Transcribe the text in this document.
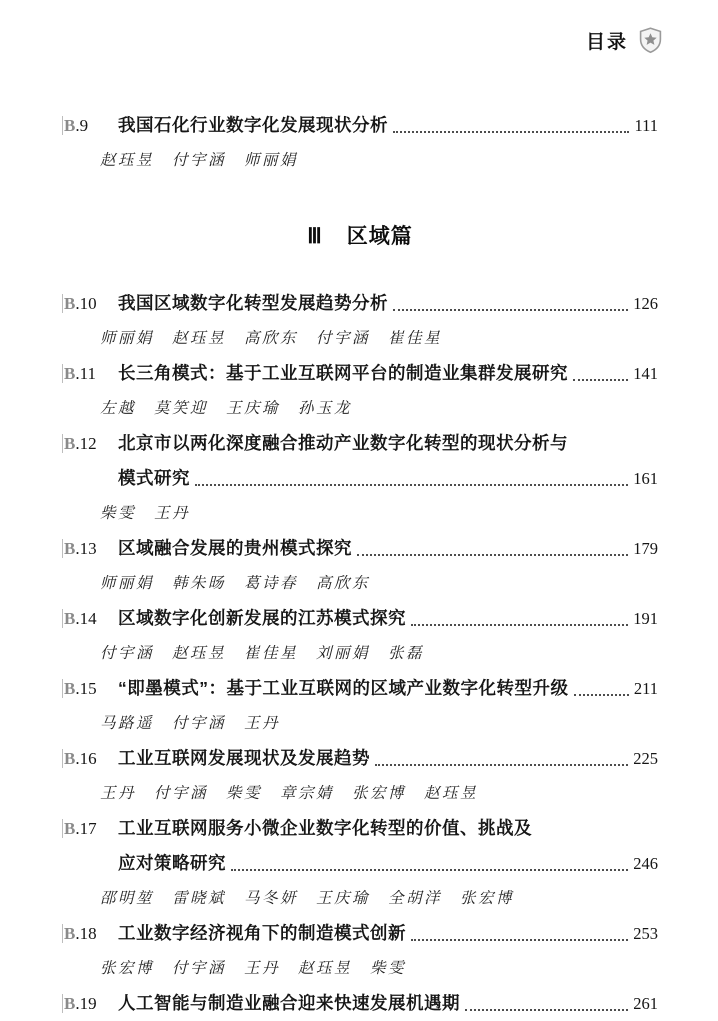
目录
B.9	我国石化行业数字化发展现状分析	111
赵珏昱　付宇涵　师丽娟
Ⅲ 区域篇
B.10	我国区域数字化转型发展趋势分析	126
师丽娟　赵珏昱　高欣东　付宇涵　崔佳星
B.11	长三角模式：基于工业互联网平台的制造业集群发展研究	141
左越　莫笑迎　王庆瑜　孙玉龙
B.12	北京市以两化深度融合推动产业数字化转型的现状分析与
模式研究	161
柴雯　王丹
B.13	区域融合发展的贵州模式探究	179
师丽娟　韩朱旸　葛诗春　高欣东
B.14	区域数字化创新发展的江苏模式探究	191
付宇涵　赵珏昱　崔佳星　刘丽娟　张磊
B.15	“即墨模式”：基于工业互联网的区域产业数字化转型升级	211
马路遥　付宇涵　王丹
B.16	工业互联网发展现状及发展趋势	225
王丹　付宇涵　柴雯　章宗婧　张宏博　赵珏昱
B.17	工业互联网服务小微企业数字化转型的价值、挑战及
应对策略研究	246
邵明堃　雷晓斌　马冬妍　王庆瑜　全胡洋　张宏博
B.18	工业数字经济视角下的制造模式创新	253
张宏博　付宇涵　王丹　赵珏昱　柴雯
B.19	人工智能与制造业融合迎来快速发展机遇期	261
